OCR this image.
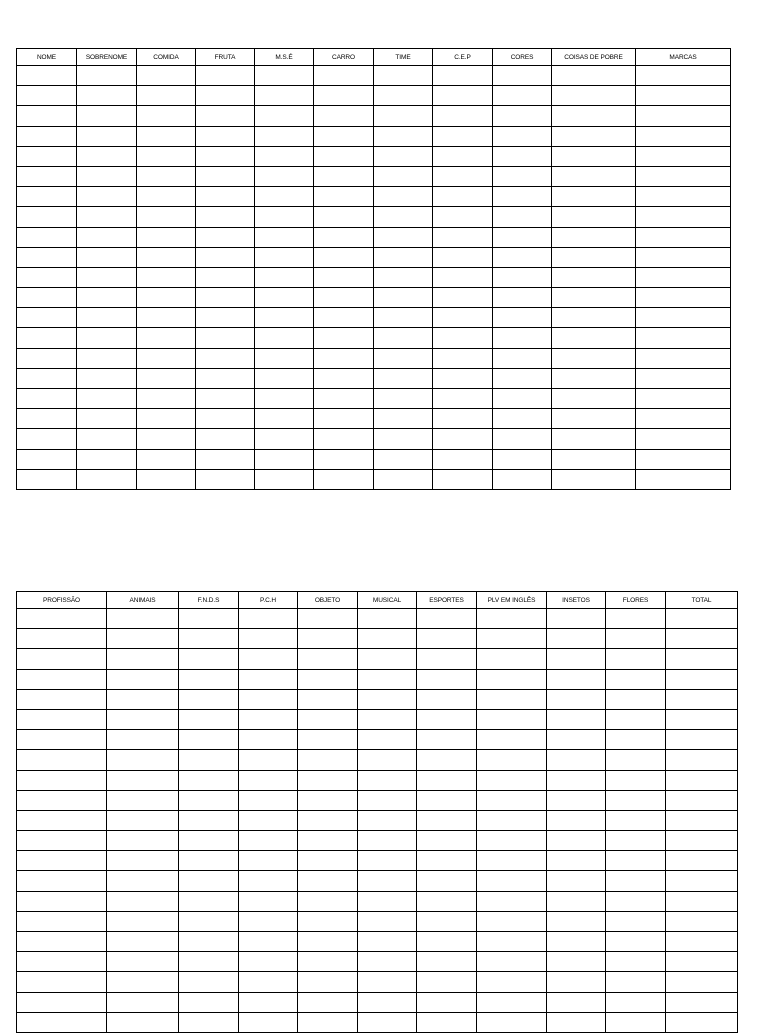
NOME	SOBRENOME	COMIDA	FRUTA	M.S.É	CARRO	TIME	C.E.P	CORES	COISAS DE POBRE	MARCAS

PROFISSÃO	ANIMAIS	F.N.D.S	P.C.H	OBJETO	MUSICAL	ESPORTES	PLV EM INGLÊS	INSETOS	FLORES	TOTAL
